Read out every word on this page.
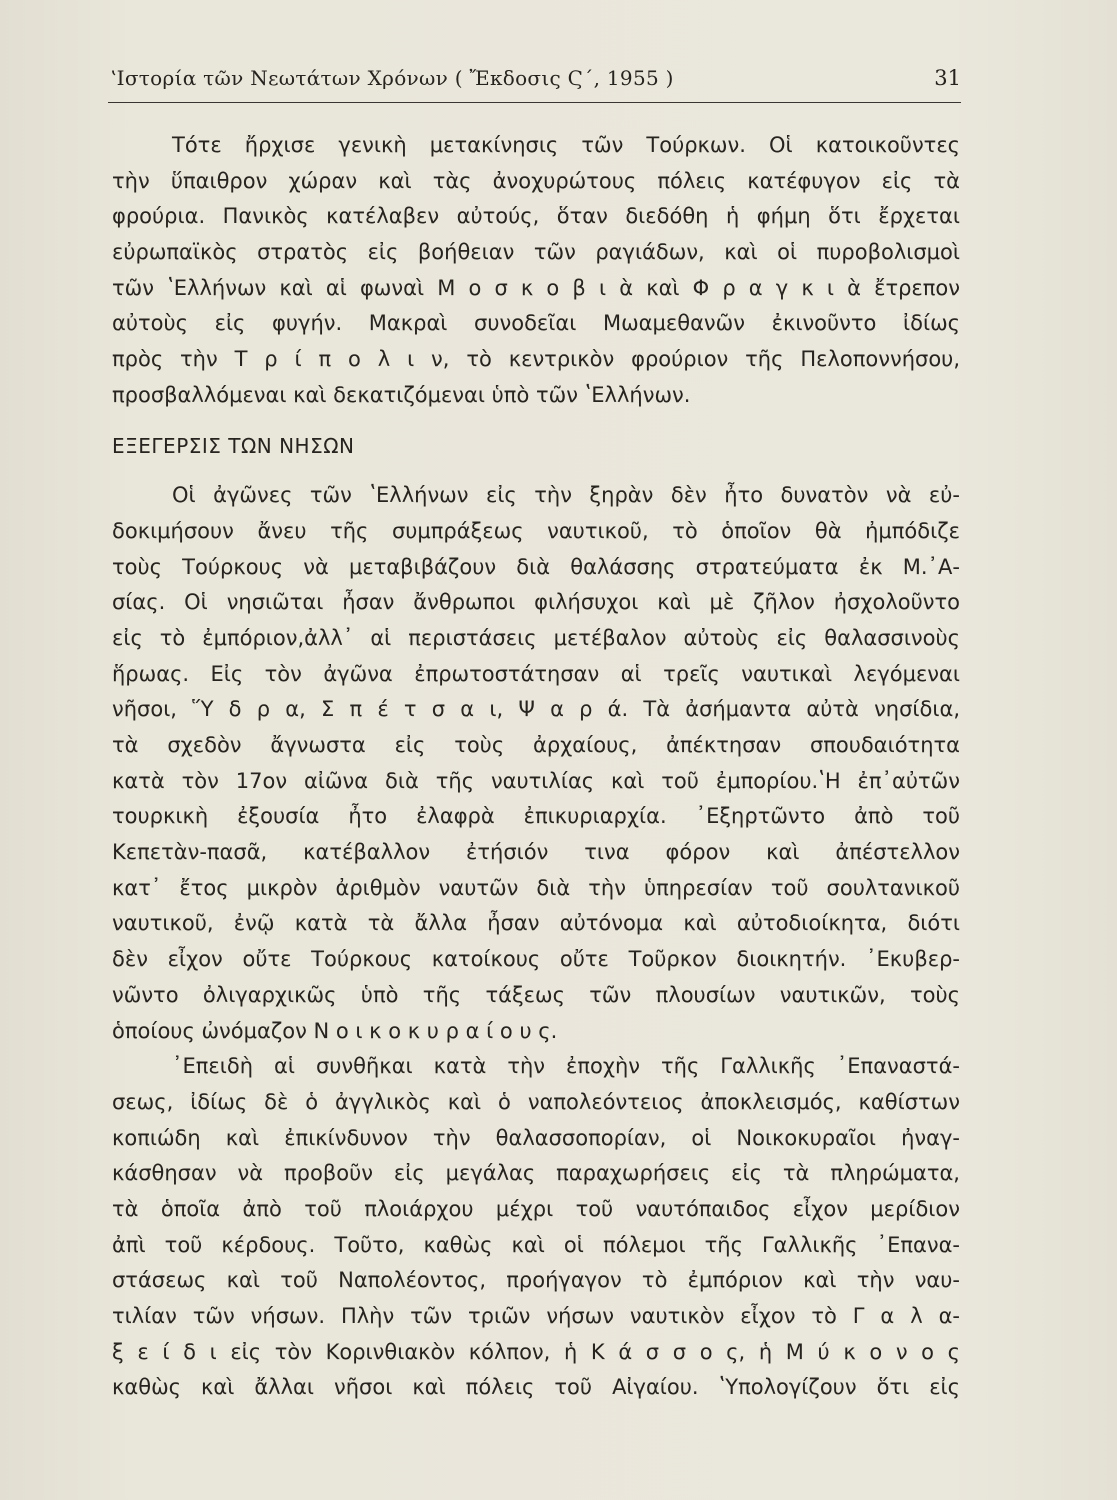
ʽΙστορία τῶν Νεωτάτων Χρόνων ( Ἔκδοσις Ϛ΄, 1955 )	31
Τότε ἤρχισε γενικὴ μετακίνησις τῶν Τούρκων. Οἱ κατοικοῦντες
τὴν ὕπαιθρον χώραν καὶ τὰς ἀνοχυρώτους πόλεις κατέφυγον εἰς τὰ
φρούρια. Πανικὸς κατέλαβεν αὐτούς, ὅταν διεδόθη ἡ φήμη ὅτι ἔρχεται
εὐρωπαϊκὸς στρατὸς εἰς βοήθειαν τῶν ραγιάδων, καὶ οἱ πυροβολισμοὶ
τῶν ʽΕλλήνων καὶ αἱ φωναὶ Μ ο σ κ ο β ι ὰ καὶ Φ ρ α γ κ ι ὰ ἔτρεπον
αὐτοὺς εἰς φυγήν. Μακραὶ συνοδεῖαι Μωαμεθανῶν ἐκινοῦντο ἰδίως
πρὸς τὴν Τ ρ ί π ο λ ι ν, τὸ κεντρικὸν φρούριον τῆς Πελοποννήσου,
προσβαλλόμεναι καὶ δεκατιζόμεναι ὑπὸ τῶν ʽΕλλήνων.
ΕΞΕΓΕΡΣΙΣ ΤΩΝ ΝΗΣΩΝ
Οἱ ἀγῶνες τῶν ʽΕλλήνων εἰς τὴν ξηρὰν δὲν ἦτο δυνατὸν νὰ εὐ-
δοκιμήσουν ἄνευ τῆς συμπράξεως ναυτικοῦ, τὸ ὁποῖον θὰ ἠμπόδιζε
τοὺς Τούρκους νὰ μεταβιβάζουν διὰ θαλάσσης στρατεύματα ἐκ Μ.᾿Α-
σίας. Οἱ νησιῶται ἦσαν ἄνθρωποι φιλήσυχοι καὶ μὲ ζῆλον ἠσχολοῦντο
εἰς τὸ ἐμπόριον,ἀλλ᾿ αἱ περιστάσεις μετέβαλον αὐτοὺς εἰς θαλασσινοὺς
ἥρωας. Εἰς τὸν ἀγῶνα ἐπρωτοστάτησαν αἱ τρεῖς ναυτικαὶ λεγόμεναι
νῆσοι, Ὕ δ ρ α, Σ π έ τ σ α ι, Ψ α ρ ά. Τὰ ἀσήμαντα αὐτὰ νησίδια,
τὰ σχεδὸν ἄγνωστα εἰς τοὺς ἀρχαίους, ἀπέκτησαν σπουδαιότητα
κατὰ τὸν 17ον αἰῶνα διὰ τῆς ναυτιλίας καὶ τοῦ ἐμπορίου.ʽΗ ἐπ᾿αὐτῶν
τουρκικὴ ἐξουσία ἦτο ἐλαφρὰ ἐπικυριαρχία. ᾿Εξηρτῶντο ἀπὸ τοῦ
Κεπετὰν-πασᾶ, κατέβαλλον ἐτήσιόν τινα φόρον καὶ ἀπέστελλον
κατ᾿ ἔτος μικρὸν ἀριθμὸν ναυτῶν διὰ τὴν ὑπηρεσίαν τοῦ σουλτανικοῦ
ναυτικοῦ, ἐνῷ κατὰ τὰ ἄλλα ἦσαν αὐτόνομα καὶ αὐτοδιοίκητα, διότι
δὲν εἶχον οὔτε Τούρκους κατοίκους οὔτε Τοῦρκον διοικητήν. ᾿Εκυβερ-
νῶντο ὀλιγαρχικῶς ὑπὸ τῆς τάξεως τῶν πλουσίων ναυτικῶν, τοὺς
ὁποίους ὠνόμαζον Ν ο ι κ ο κ υ ρ α ί ο υ ς.
᾿Επειδὴ αἱ συνθῆκαι κατὰ τὴν ἐποχὴν τῆς Γαλλικῆς ᾿Επαναστά-
σεως, ἰδίως δὲ ὁ ἀγγλικὸς καὶ ὁ ναπολεόντειος ἀποκλεισμός, καθίστων
κοπιώδη καὶ ἐπικίνδυνον τὴν θαλασσοπορίαν, οἱ Νοικοκυραῖοι ἠναγ-
κάσθησαν νὰ προβοῦν εἰς μεγάλας παραχωρήσεις εἰς τὰ πληρώματα,
τὰ ὁποῖα ἀπὸ τοῦ πλοιάρχου μέχρι τοῦ ναυτόπαιδος εἶχον μερίδιον
ἀπὶ τοῦ κέρδους. Τοῦτο, καθὼς καὶ οἱ πόλεμοι τῆς Γαλλικῆς ᾿Επανα-
στάσεως καὶ τοῦ Ναπολέοντος, προήγαγον τὸ ἐμπόριον καὶ τὴν ναυ-
τιλίαν τῶν νήσων. Πλὴν τῶν τριῶν νήσων ναυτικὸν εἶχον τὸ Γ α λ α-
ξ ε ί δ ι εἰς τὸν Κορινθιακὸν κόλπον, ἡ Κ ά σ σ ο ς, ἡ Μ ύ κ ο ν ο ς
καθὼς καὶ ἄλλαι νῆσοι καὶ πόλεις τοῦ Αἰγαίου. ʽΥπολογίζουν ὅτι εἰς
